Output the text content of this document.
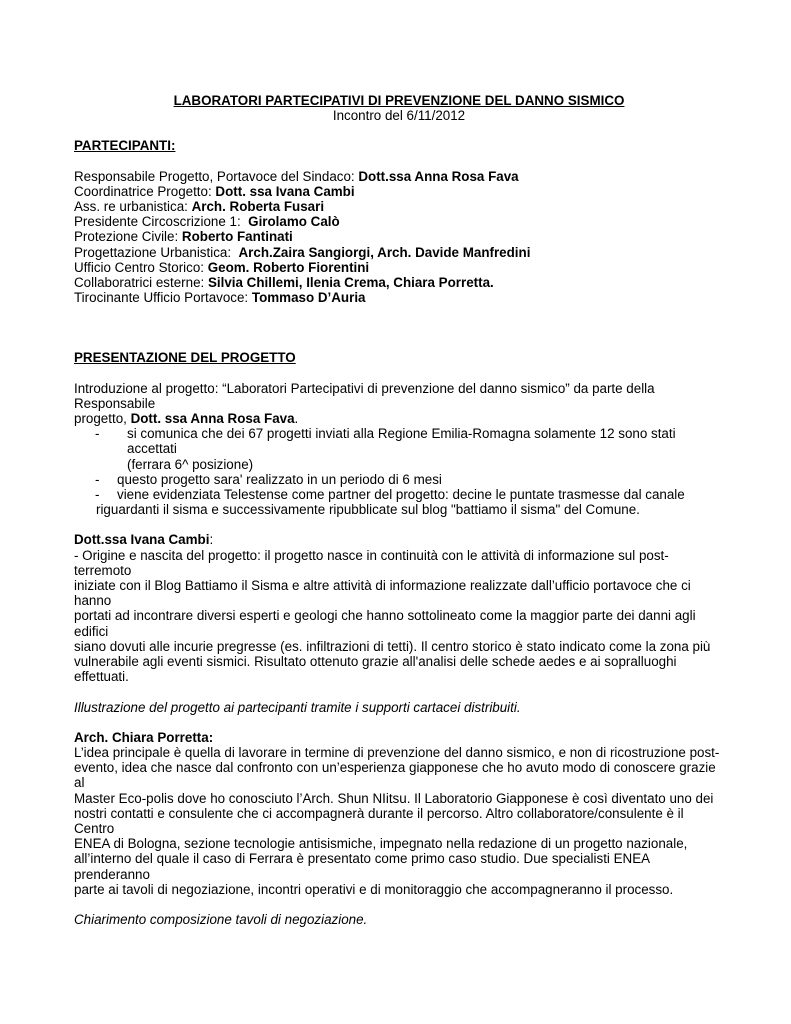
LABORATORI PARTECIPATIVI DI PREVENZIONE DEL DANNO SISMICO
Incontro del 6/11/2012
PARTECIPANTI:
Responsabile Progetto, Portavoce del Sindaco: Dott.ssa Anna Rosa Fava
Coordinatrice Progetto: Dott. ssa Ivana Cambi
Ass. re urbanistica: Arch. Roberta Fusari
Presidente Circoscrizione 1:  Girolamo Calò
Protezione Civile: Roberto Fantinati
Progettazione Urbanistica:  Arch.Zaira Sangiorgi, Arch. Davide Manfredini
Ufficio Centro Storico: Geom. Roberto Fiorentini
Collaboratrici esterne: Silvia Chillemi, Ilenia Crema, Chiara Porretta.
Tirocinante Ufficio Portavoce: Tommaso D’Auria
PRESENTAZIONE DEL PROGETTO
Introduzione al progetto: “Laboratori Partecipativi di prevenzione del danno sismico” da parte della Responsabile
progetto, Dott. ssa Anna Rosa Fava.
-	si comunica che dei 67 progetti inviati alla Regione Emilia-Romagna solamente 12 sono stati accettati
(ferrara 6^ posizione)
-	questo progetto sara' realizzato in un periodo di 6 mesi
-	viene evidenziata Telestense come partner del progetto: decine le puntate trasmesse dal canale
riguardanti il sisma e successivamente ripubblicate sul blog "battiamo il sisma" del Comune.
Dott.ssa Ivana Cambi:
- Origine e nascita del progetto: il progetto nasce in continuità con le attività di informazione sul post-terremoto
iniziate con il Blog Battiamo il Sisma e altre attività di informazione realizzate dall’ufficio portavoce che ci hanno
portati ad incontrare diversi esperti e geologi che hanno sottolineato come la maggior parte dei danni agli edifici
siano dovuti alle incurie pregresse (es. infiltrazioni di tetti). Il centro storico è stato indicato come la zona più
vulnerabile agli eventi sismici. Risultato ottenuto grazie all'analisi delle schede aedes e ai sopralluoghi effettuati.
Illustrazione del progetto ai partecipanti tramite i supporti cartacei distribuiti.
Arch. Chiara Porretta:
L’idea principale è quella di lavorare in termine di prevenzione del danno sismico, e non di ricostruzione post-
evento, idea che nasce dal confronto con un’esperienza giapponese che ho avuto modo di conoscere grazie al
Master Eco-polis dove ho conosciuto l’Arch. Shun NIitsu. Il Laboratorio Giapponese è così diventato uno dei
nostri contatti e consulente che ci accompagnerà durante il percorso. Altro collaboratore/consulente è il Centro
ENEA di Bologna, sezione tecnologie antisismiche, impegnato nella redazione di un progetto nazionale,
all’interno del quale il caso di Ferrara è presentato come primo caso studio. Due specialisti ENEA prenderanno
parte ai tavoli di negoziazione, incontri operativi e di monitoraggio che accompagneranno il processo.
Chiarimento composizione tavoli di negoziazione.
